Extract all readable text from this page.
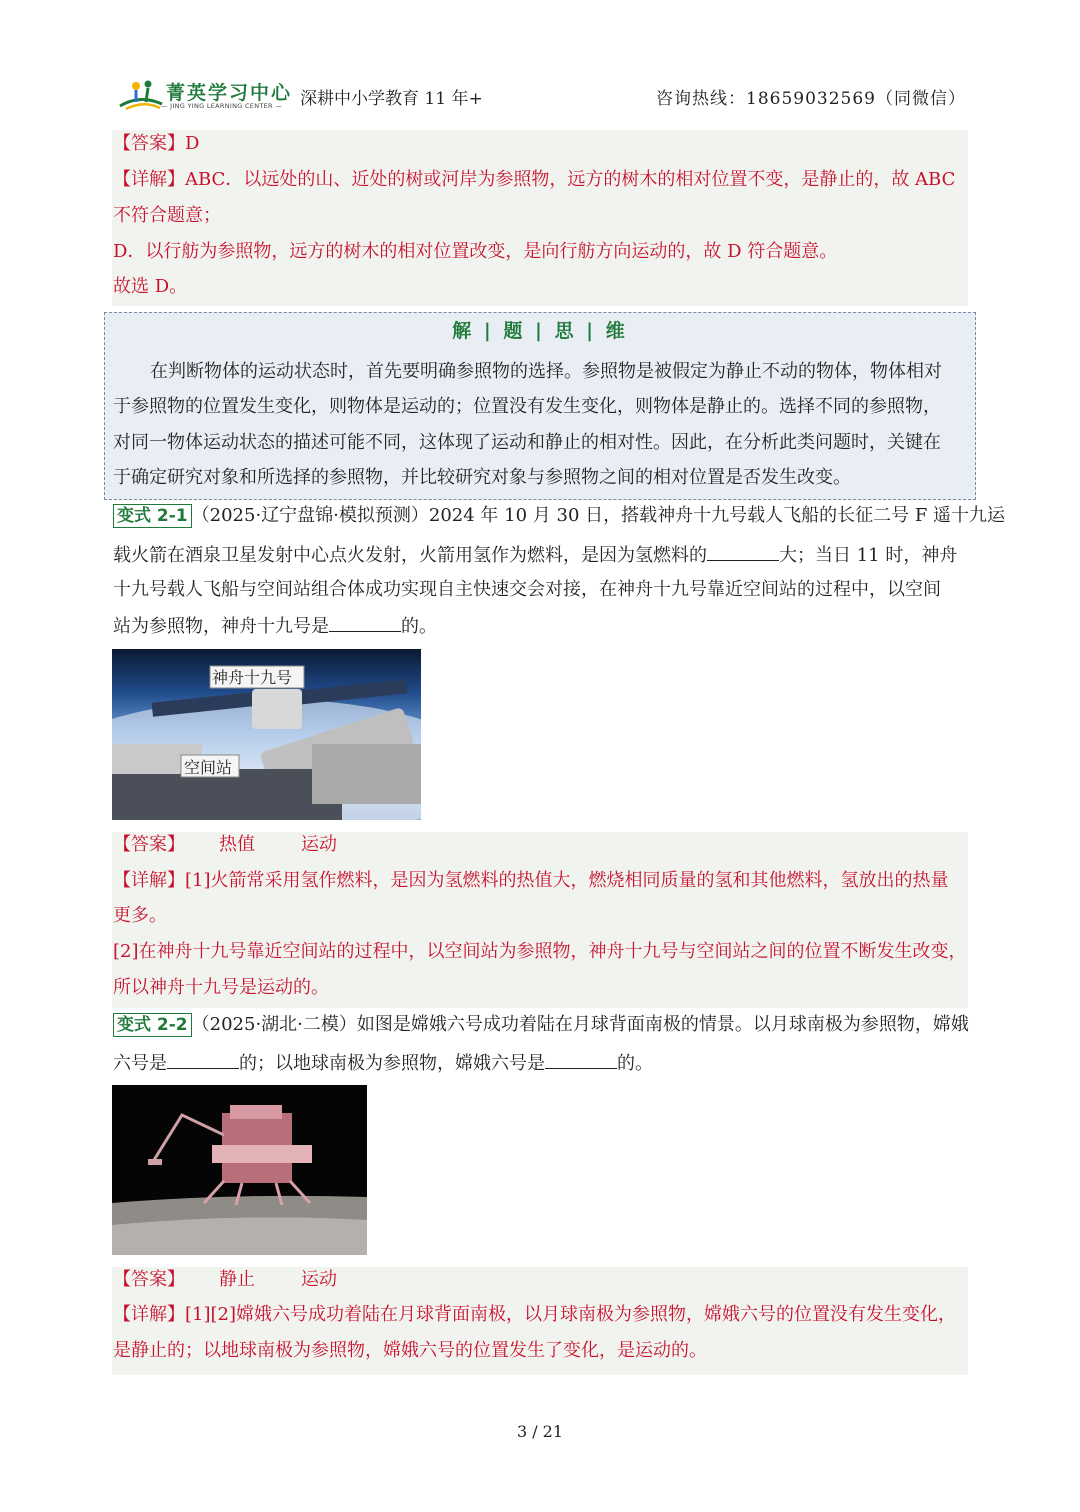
菁英学习中心
— JING YING LEARNING CENTER — 深耕中小学教育 11 年+	咨询热线：18659032569（同微信）
【答案】D
【详解】ABC．以远处的山、近处的树或河岸为参照物，远方的树木的相对位置不变，是静止的，故 ABC
不符合题意；
D．以行舫为参照物，远方的树木的相对位置改变，是向行舫方向运动的，故 D 符合题意。
故选 D。
解 | 题 | 思 | 维
在判断物体的运动状态时，首先要明确参照物的选择。参照物是被假定为静止不动的物体，物体相对
于参照物的位置发生变化，则物体是运动的；位置没有发生变化，则物体是静止的。选择不同的参照物，
对同一物体运动状态的描述可能不同，这体现了运动和静止的相对性。因此，在分析此类问题时，关键在
于确定研究对象和所选择的参照物，并比较研究对象与参照物之间的相对位置是否发生改变。
变式 2-1 （2025·辽宁盘锦·模拟预测）2024 年 10 月 30 日，搭载神舟十九号载人飞船的长征二号 F 遥十九运
载火箭在酒泉卫星发射中心点火发射，火箭用氢作为燃料，是因为氢燃料的	大；当日 11 时，神舟
十九号载人飞船与空间站组合体成功实现自主快速交会对接，在神舟十九号靠近空间站的过程中，以空间
站为参照物，神舟十九号是	的。
神舟十九号
空间站
【答案】 热值	运动
【详解】[1]火箭常采用氢作燃料，是因为氢燃料的热值大，燃烧相同质量的氢和其他燃料，氢放出的热量
更多。
[2]在神舟十九号靠近空间站的过程中，以空间站为参照物，神舟十九号与空间站之间的位置不断发生改变，
所以神舟十九号是运动的。
变式 2-2 （2025·湖北·二模）如图是嫦娥六号成功着陆在月球背面南极的情景。以月球南极为参照物，嫦娥
六号是	的；以地球南极为参照物，嫦娥六号是	的。
【答案】 静止	运动
【详解】[1][2]嫦娥六号成功着陆在月球背面南极，以月球南极为参照物，嫦娥六号的位置没有发生变化，
是静止的；以地球南极为参照物，嫦娥六号的位置发生了变化，是运动的。
3 / 21
